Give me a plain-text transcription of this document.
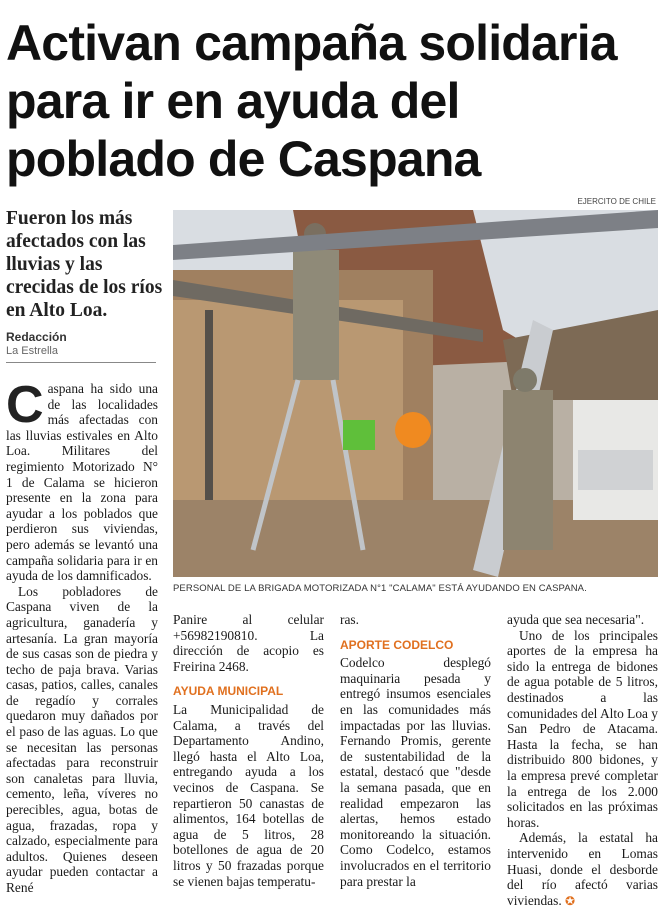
Activan campaña solidaria
para ir en ayuda del
poblado de Caspana
EJERCITO DE CHILE
Fueron los más afectados con las lluvias y las crecidas de los ríos en Alto Loa.
Redacción
La Estrella
PERSONAL DE LA BRIGADA MOTORIZADA N°1 "CALAMA" ESTÁ AYUDANDO EN CASPANA.

Caspana ha sido una de las localidades más afectadas con las lluvias estivales en Alto Loa. Militares del regimiento Motorizado N° 1 de Calama se hicieron presente en la zona para ayudar a los poblados que perdieron sus viviendas, pero además se levantó una campaña solidaria para ir en ayuda de los damnificados.

Los pobladores de Caspana viven de la agricultura, ganadería y artesanía. La gran mayoría de sus casas son de piedra y techo de paja brava. Varias casas, patios, calles, canales de regadío y corrales quedaron muy dañados por el paso de las aguas. Lo que se necesitan las personas afectadas para reconstruir son canaletas para lluvia, cemento, leña, víveres no perecibles, agua, botas de agua, frazadas, ropa y calzado, especialmente para adultos. Quienes deseen ayudar pueden contactar a René

Panire al celular +56982190810. La dirección de acopio es Freirina 2468.

AYUDA MUNICIPAL

La Municipalidad de Calama, a través del Departamento Andino, llegó hasta el Alto Loa, entregando ayuda a los vecinos de Caspana. Se repartieron 50 canastas de alimentos, 164 botellas de agua de 5 litros, 28 botellones de agua de 20 litros y 50 frazadas porque se vienen bajas temperatu-

ras.

APORTE CODELCO

Codelco desplegó maquinaria pesada y entregó insumos esenciales en las comunidades más impactadas por las lluvias. Fernando Promis, gerente de sustentabilidad de la estatal, destacó que "desde la semana pasada, que en realidad empezaron las alertas, hemos estado monitoreando la situación. Como Codelco, estamos involucrados en el territorio para prestar la

ayuda que sea necesaria".

Uno de los principales aportes de la empresa ha sido la entrega de bidones de agua potable de 5 litros, destinados a las comunidades del Alto Loa y San Pedro de Atacama. Hasta la fecha, se han distribuido 800 bidones, y la empresa prevé completar la entrega de los 2.000 solicitados en las próximas horas.

Además, la estatal ha intervenido en Lomas Huasi, donde el desborde del río afectó varias viviendas. ✪
